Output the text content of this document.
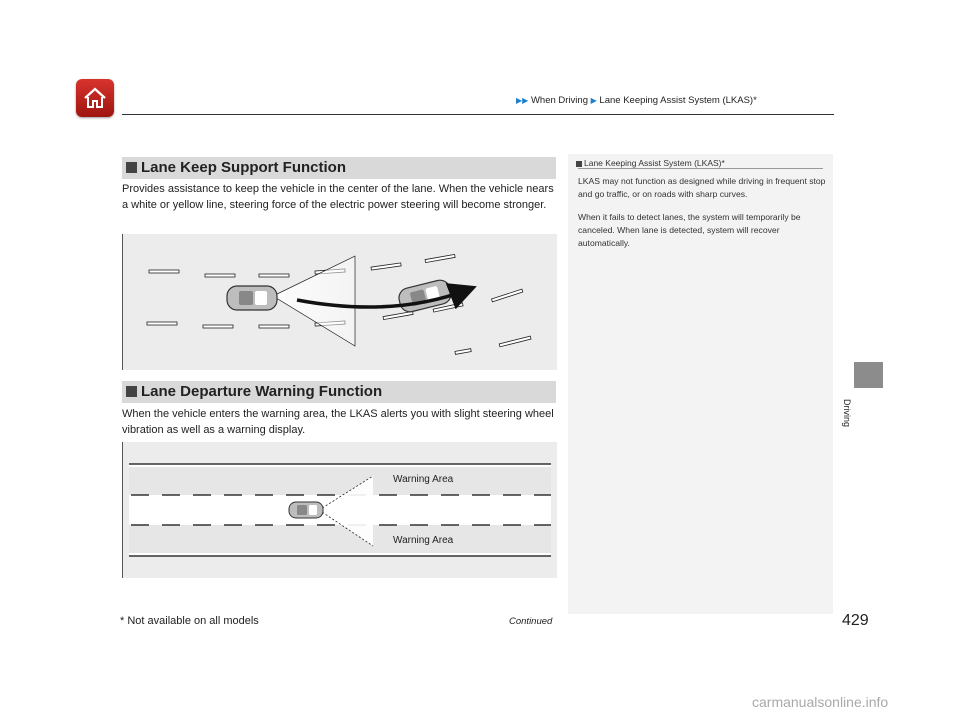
▶▶ When Driving ▶ Lane Keeping Assist System (LKAS)*
Lane Keep Support Function
Provides assistance to keep the vehicle in the center of the lane. When the vehicle nears a white or yellow line, steering force of the electric power steering will become stronger.
Lane Departure Warning Function
When the vehicle enters the warning area, the LKAS alerts you with slight steering wheel vibration as well as a warning display.
Warning Area
Warning Area
Lane Keeping Assist System (LKAS)*

LKAS may not function as designed while driving in frequent stop and go traffic, or on roads with sharp curves.

When it fails to detect lanes, the system will temporarily be canceled. When lane is detected, system will recover automatically.

Driving
* Not available on all models	Continued	429
carmanualsonline.info
